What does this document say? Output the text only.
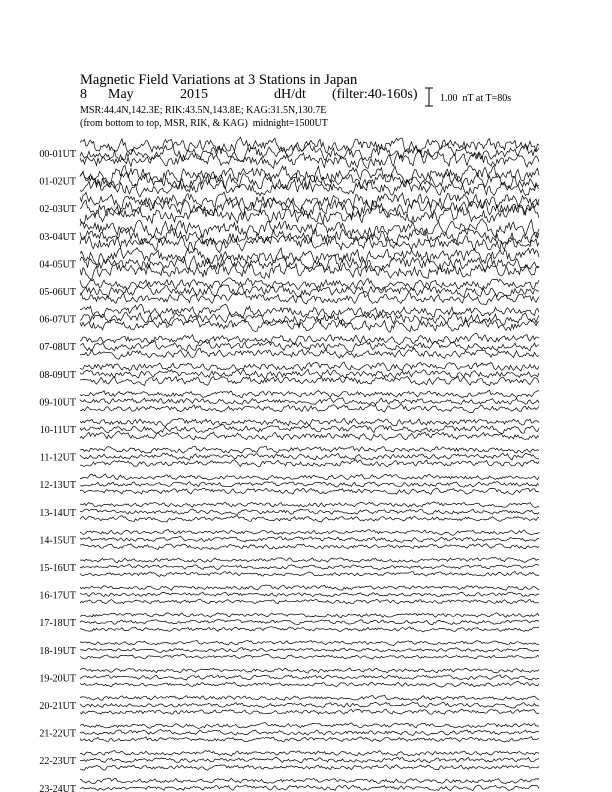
Magnetic Field Variations at 3 Stations in Japan
8 May	2015	dH/dt (filter:40-160s)
MSR:44.4N,142.3E; RIK:43.5N,143.8E; KAG:31.5N,130.7E
(from bottom to top, MSR, RIK, & KAG)  midnight=1500UT
1.00  nT at T=80s
00-01UT
01-02UT
02-03UT
03-04UT
04-05UT
05-06UT
06-07UT
07-08UT
08-09UT
09-10UT
10-11UT
11-12UT
12-13UT
13-14UT
14-15UT
15-16UT
16-17UT
17-18UT
18-19UT
19-20UT
20-21UT
21-22UT
22-23UT
23-24UT
